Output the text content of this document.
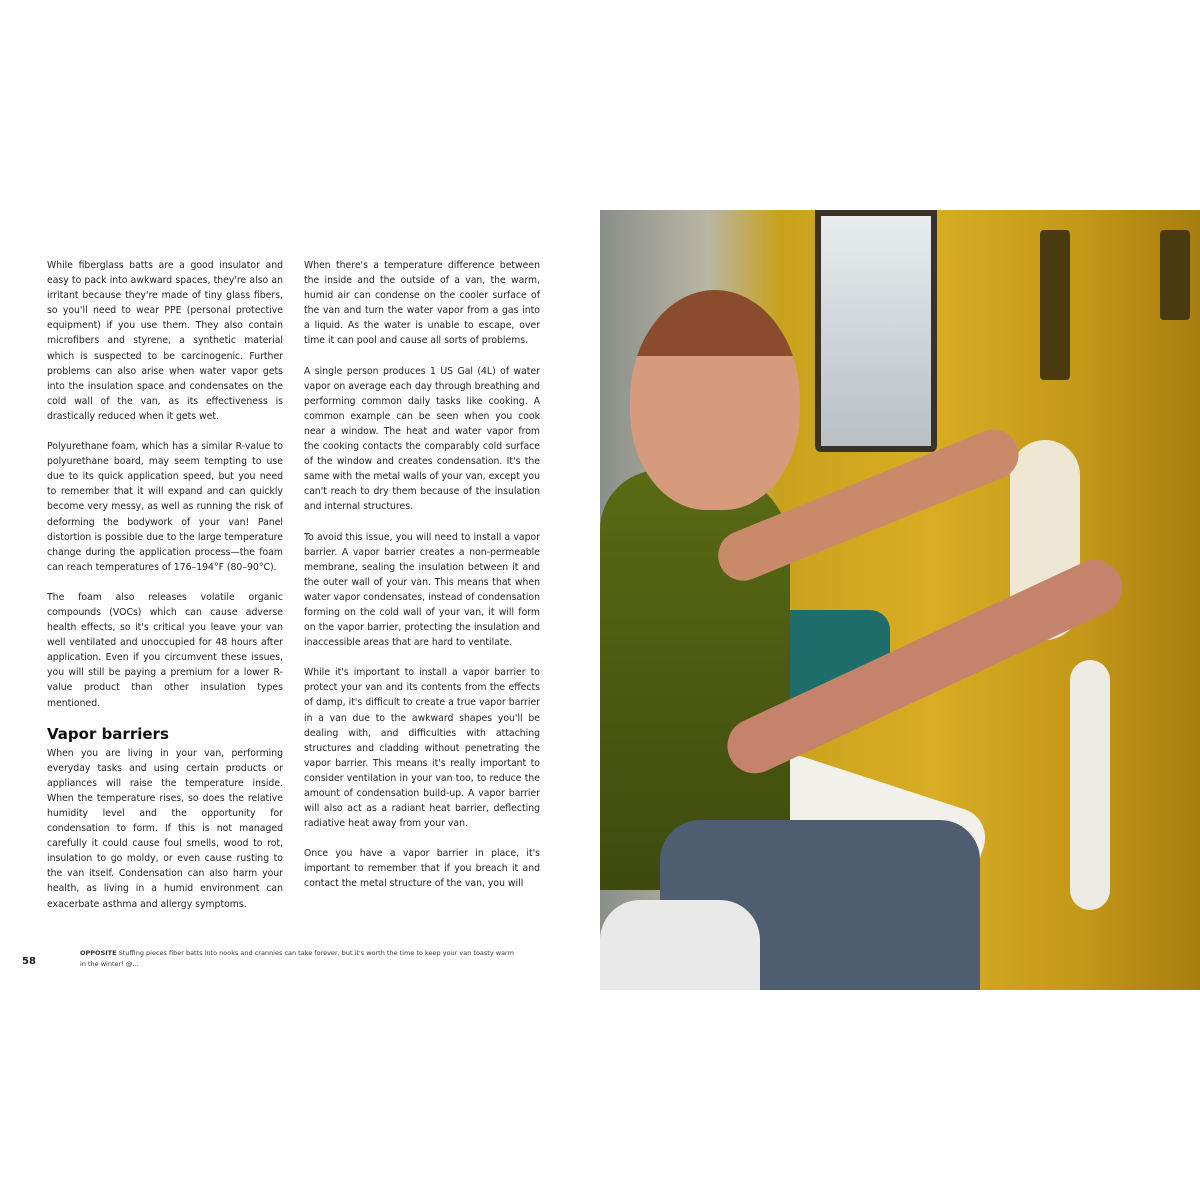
While fiberglass batts are a good insulator and easy to pack into awkward spaces, they're also an irritant because they're made of tiny glass fibers, so you'll need to wear PPE (personal protective equipment) if you use them. They also contain microfibers and styrene, a synthetic material which is suspected to be carcinogenic. Further problems can also arise when water vapor gets into the insulation space and condensates on the cold wall of the van, as its effectiveness is drastically reduced when it gets wet.

Polyurethane foam, which has a similar R-value to polyurethane board, may seem tempting to use due to its quick application speed, but you need to remember that it will expand and can quickly become very messy, as well as running the risk of deforming the bodywork of your van! Panel distortion is possible due to the large temperature change during the application process—the foam can reach temperatures of 176–194°F (80–90°C).

The foam also releases volatile organic compounds (VOCs) which can cause adverse health effects, so it's critical you leave your van well ventilated and unoccupied for 48 hours after application. Even if you circumvent these issues, you will still be paying a premium for a lower R-value product than other insulation types mentioned.

Vapor barriers

When you are living in your van, performing everyday tasks and using certain products or appliances will raise the temperature inside. When the temperature rises, so does the relative humidity level and the opportunity for condensation to form. If this is not managed carefully it could cause foul smells, wood to rot, insulation to go moldy, or even cause rusting to the van itself. Condensation can also harm your health, as living in a humid environment can exacerbate asthma and allergy symptoms.

When there's a temperature difference between the inside and the outside of a van, the warm, humid air can condense on the cooler surface of the van and turn the water vapor from a gas into a liquid. As the water is unable to escape, over time it can pool and cause all sorts of problems.

A single person produces 1 US Gal (4L) of water vapor on average each day through breathing and performing common daily tasks like cooking. A common example can be seen when you cook near a window. The heat and water vapor from the cooking contacts the comparably cold surface of the window and creates condensation. It's the same with the metal walls of your van, except you can't reach to dry them because of the insulation and internal structures.

To avoid this issue, you will need to install a vapor barrier. A vapor barrier creates a non-permeable membrane, sealing the insulation between it and the outer wall of your van. This means that when water vapor condensates, instead of condensation forming on the cold wall of your van, it will form on the vapor barrier, protecting the insulation and inaccessible areas that are hard to ventilate.

While it's important to install a vapor barrier to protect your van and its contents from the effects of damp, it's difficult to create a true vapor barrier in a van due to the awkward shapes you'll be dealing with, and difficulties with attaching structures and cladding without penetrating the vapor barrier. This means it's really important to consider ventilation in your van too, to reduce the amount of condensation build-up. A vapor barrier will also act as a radiant heat barrier, deflecting radiative heat away from your van.

Once you have a vapor barrier in place, it's important to remember that if you breach it and contact the metal structure of the van, you will

58
OPPOSITE Stuffing pieces fiber batts into nooks and crannies can take forever, but it's worth the time to keep your van toasty warm in the winter! @...
